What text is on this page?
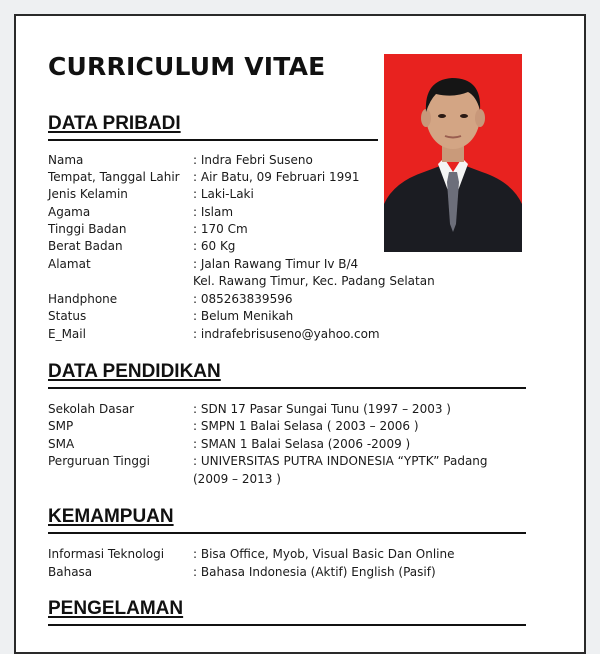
CURRICULUM VITAE
DATA PRIBADI
Nama	: Indra Febri Suseno
Tempat, Tanggal Lahir : Air Batu, 09 Februari 1991
Jenis Kelamin	: Laki-Laki
Agama	: Islam
Tinggi Badan	: 170 Cm
Berat Badan	: 60 Kg
Alamat	: Jalan Rawang Timur Iv B/4
Kel. Rawang Timur, Kec. Padang Selatan
Handphone	: 085263839596
Status	: Belum Menikah
E_Mail	: indrafebrisuseno@yahoo.com
DATA PENDIDIKAN
Sekolah Dasar	: SDN 17 Pasar Sungai Tunu (1997 – 2003 )
SMP	: SMPN 1 Balai Selasa ( 2003 – 2006 )
SMA	: SMAN 1 Balai Selasa (2006 -2009 )
Perguruan Tinggi	: UNIVERSITAS PUTRA INDONESIA “YPTK” Padang
(2009 – 2013 )
KEMAMPUAN
Informasi Teknologi : Bisa Office, Myob, Visual Basic Dan Online
Bahasa	: Bahasa Indonesia (Aktif) English (Pasif)
PENGELAMAN
